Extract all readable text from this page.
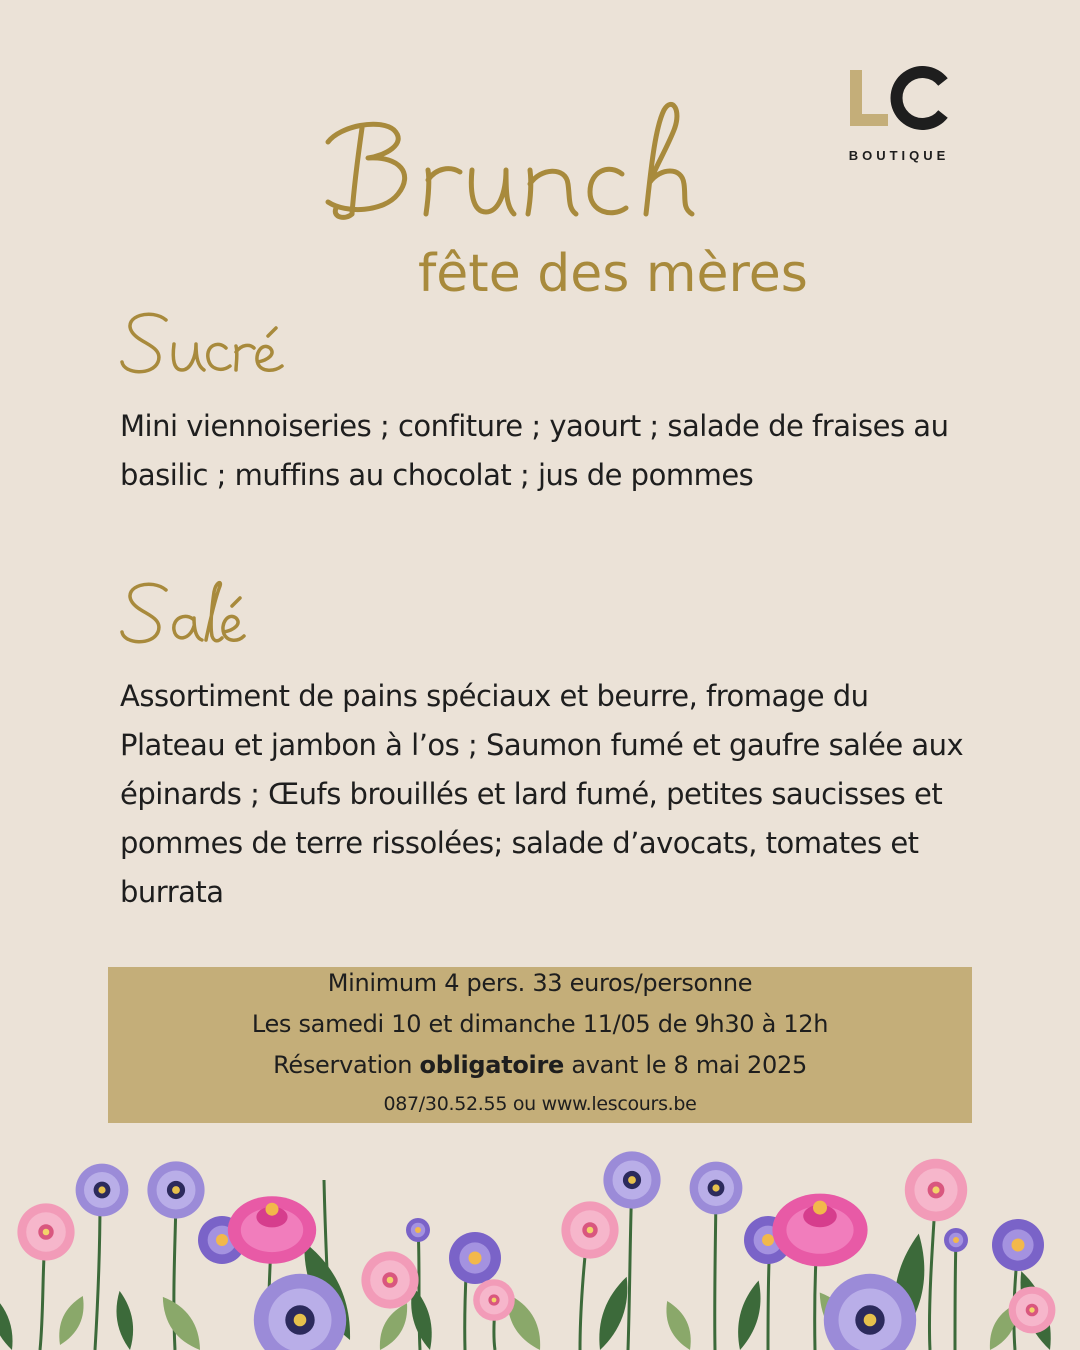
BOUTIQUE
fête des mères

Mini viennoiseries ; confiture ; yaourt ; salade de fraises au basilic ; muffins au chocolat ; jus de pommes

Assortiment de pains spéciaux et beurre, fromage du Plateau et jambon à l’os ; Saumon fumé et gaufre salée aux épinards ; Œufs brouillés et lard fumé, petites saucisses et pommes de terre rissolées; salade d’avocats, tomates et burrata

Minimum 4 pers. 33 euros/personne
Les samedi 10 et dimanche 11/05 de 9h30 à 12h
Réservation obligatoire avant le 8 mai 2025
087/30.52.55 ou www.lescours.be
